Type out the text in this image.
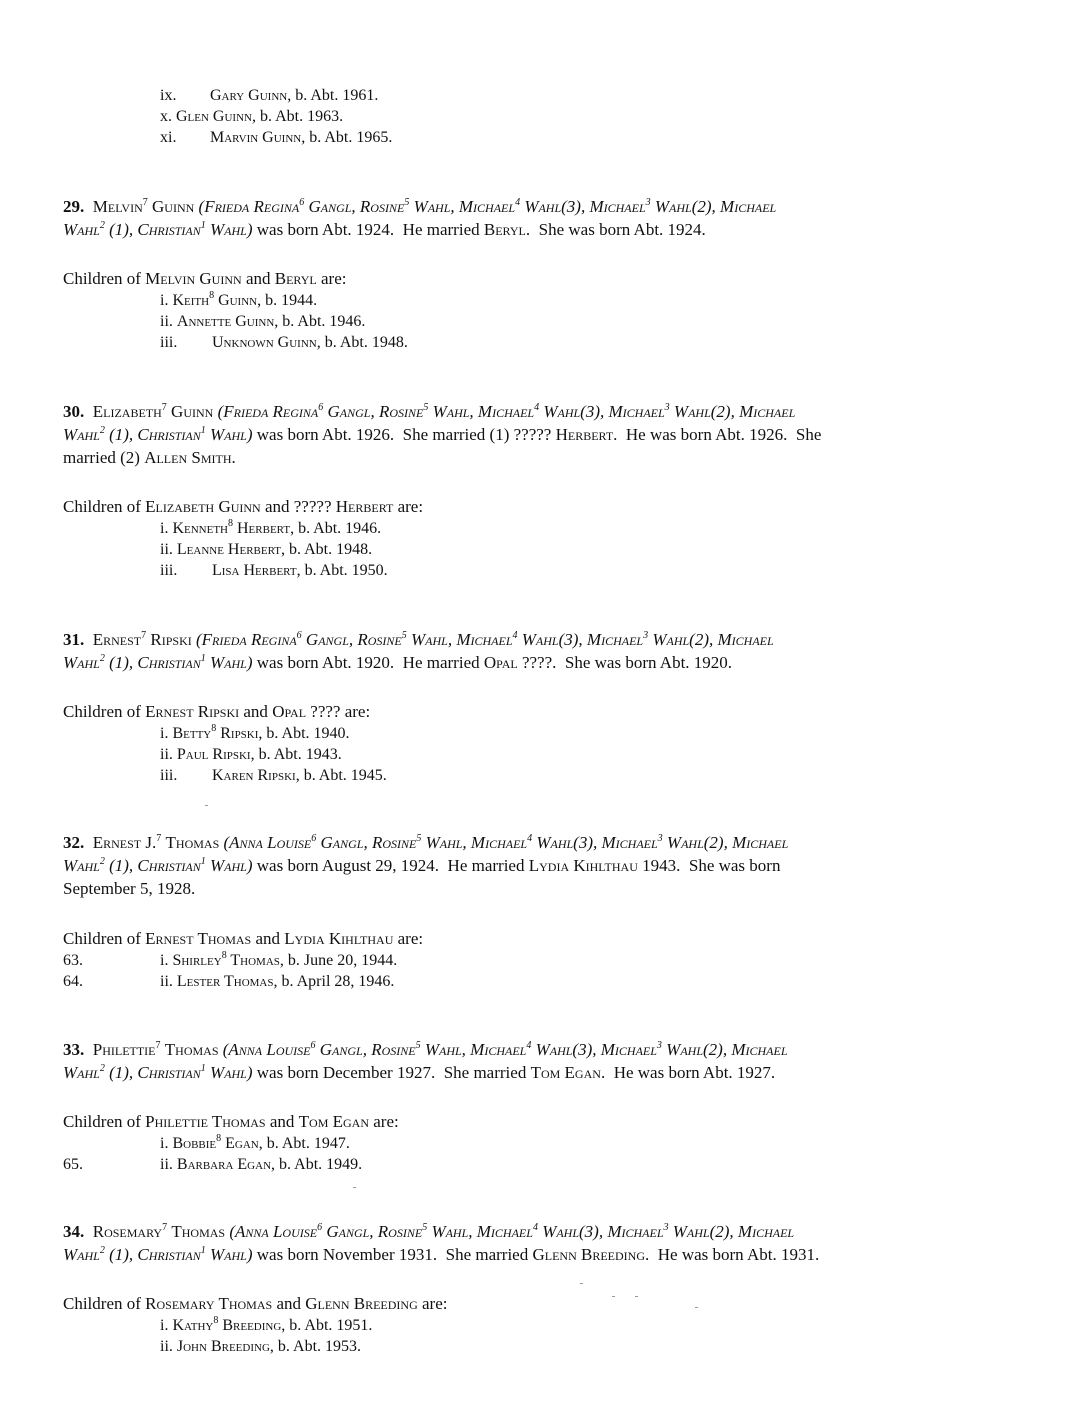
ix. Gary Guinn, b. Abt. 1961.
x. Glen Guinn, b. Abt. 1963.
xi. Marvin Guinn, b. Abt. 1965.
29. Melvin$^7$ Guinn (Frieda Regina$^6$ Gangl, Rosine$^5$ Wahl, Michael$^4$ Wahl(3), Michael$^3$ Wahl(2), Michael
Wahl$^2$ (1), Christian$^1$ Wahl) was born Abt. 1924.  He married Beryl.  She was born Abt. 1924.
Children of Melvin Guinn and Beryl are:
i. Keith$^8$ Guinn, b. 1944.
ii. Annette Guinn, b. Abt. 1946.
iii. Unknown Guinn, b. Abt. 1948.
30. Elizabeth$^7$ Guinn (Frieda Regina$^6$ Gangl, Rosine$^5$ Wahl, Michael$^4$ Wahl(3), Michael$^3$ Wahl(2), Michael
Wahl$^2$ (1), Christian$^1$ Wahl) was born Abt. 1926.  She married (1) ????? Herbert.  He was born Abt. 1926.  She
married (2) Allen Smith.
Children of Elizabeth Guinn and ????? Herbert are:
i. Kenneth$^8$ Herbert, b. Abt. 1946.
ii. Leanne Herbert, b. Abt. 1948.
iii. Lisa Herbert, b. Abt. 1950.
31. Ernest$^7$ Ripski (Frieda Regina$^6$ Gangl, Rosine$^5$ Wahl, Michael$^4$ Wahl(3), Michael$^3$ Wahl(2), Michael
Wahl$^2$ (1), Christian$^1$ Wahl) was born Abt. 1920.  He married Opal ????.  She was born Abt. 1920.
Children of Ernest Ripski and Opal ???? are:
i. Betty$^8$ Ripski, b. Abt. 1940.
ii. Paul Ripski, b. Abt. 1943.
iii. Karen Ripski, b. Abt. 1945.
32. Ernest J.$^7$ Thomas (Anna Louise$^6$ Gangl, Rosine$^5$ Wahl, Michael$^4$ Wahl(3), Michael$^3$ Wahl(2), Michael
Wahl$^2$ (1), Christian$^1$ Wahl) was born August 29, 1924.  He married Lydia Kihlthau 1943.  She was born
September 5, 1928.
Children of Ernest Thomas and Lydia Kihlthau are:
i. Shirley$^8$ Thomas, b. June 20, 1944.
63.
ii. Lester Thomas, b. April 28, 1946.
64.
33. Philettie$^7$ Thomas (Anna Louise$^6$ Gangl, Rosine$^5$ Wahl, Michael$^4$ Wahl(3), Michael$^3$ Wahl(2), Michael
Wahl$^2$ (1), Christian$^1$ Wahl) was born December 1927.  She married Tom Egan.  He was born Abt. 1927.
Children of Philettie Thomas and Tom Egan are:
i. Bobbie$^8$ Egan, b. Abt. 1947.
ii. Barbara Egan, b. Abt. 1949.
65.
34. Rosemary$^7$ Thomas (Anna Louise$^6$ Gangl, Rosine$^5$ Wahl, Michael$^4$ Wahl(3), Michael$^3$ Wahl(2), Michael
Wahl$^2$ (1), Christian$^1$ Wahl) was born November 1931.  She married Glenn Breeding.  He was born Abt. 1931.
Children of Rosemary Thomas and Glenn Breeding are:
i. Kathy$^8$ Breeding, b. Abt. 1951.
ii. John Breeding, b. Abt. 1953.
